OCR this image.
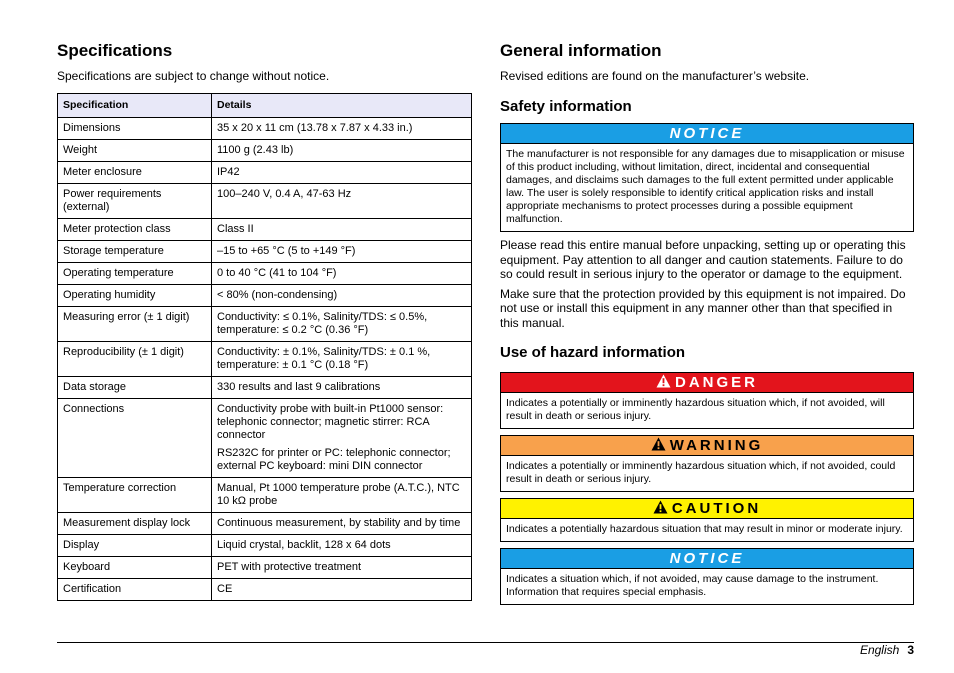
Specifications

Specifications are subject to change without notice.

Specification	Details
Dimensions	35 x 20 x 11 cm (13.78 x 7.87 x 4.33 in.)

Weight	1100 g (2.43 lb)

Meter enclosure	IP42

Power requirements (external)	100–240 V, 0.4 A, 47-63 Hz

Meter protection class	Class II

Storage temperature	–15 to +65 °C (5 to +149 °F)

Operating temperature	0 to 40 °C (41 to 104 °F)

Operating humidity	< 80% (non-condensing)

Measuring error (± 1 digit)	Conductivity: ≤ 0.1%, Salinity/TDS: ≤ 0.5%, temperature: ≤ 0.2 °C (0.36 °F)

Reproducibility (± 1 digit)	Conductivity: ± 0.1%, Salinity/TDS: ± 0.1 %, temperature: ± 0.1 °C (0.18 °F)

Data storage	330 results and last 9 calibrations

Connections	Conductivity probe with built-in Pt1000 sensor: telephonic connector; magnetic stirrer: RCA connector

RS232C for printer or PC: telephonic connector; external PC keyboard: mini DIN connector

Temperature correction	Manual, Pt 1000 temperature probe (A.T.C.), NTC 10 kΩ probe

Measurement display lock	Continuous measurement, by stability and by time

Display	Liquid crystal, backlit, 128 x 64 dots

Keyboard	PET with protective treatment

Certification	CE

General information

Revised editions are found on the manufacturer’s website.

Safety information
NOTICE
The manufacturer is not responsible for any damages due to misapplication or misuse of this product including, without limitation, direct, incidental and consequential damages, and disclaims such damages to the full extent permitted under applicable law. The user is solely responsible to identify critical application risks and install appropriate mechanisms to protect processes during a possible equipment malfunction.

Please read this entire manual before unpacking, setting up or operating this equipment. Pay attention to all danger and caution statements. Failure to do so could result in serious injury to the operator or damage to the equipment.

Make sure that the protection provided by this equipment is not impaired. Do not use or install this equipment in any manner other than that specified in this manual.

Use of hazard information
DANGER
Indicates a potentially or imminently hazardous situation which, if not avoided, will result in death or serious injury.
WARNING
Indicates a potentially or imminently hazardous situation which, if not avoided, could result in death or serious injury.
CAUTION
Indicates a potentially hazardous situation that may result in minor or moderate injury.
NOTICE
Indicates a situation which, if not avoided, may cause damage to the instrument. Information that requires special emphasis.
English 3
